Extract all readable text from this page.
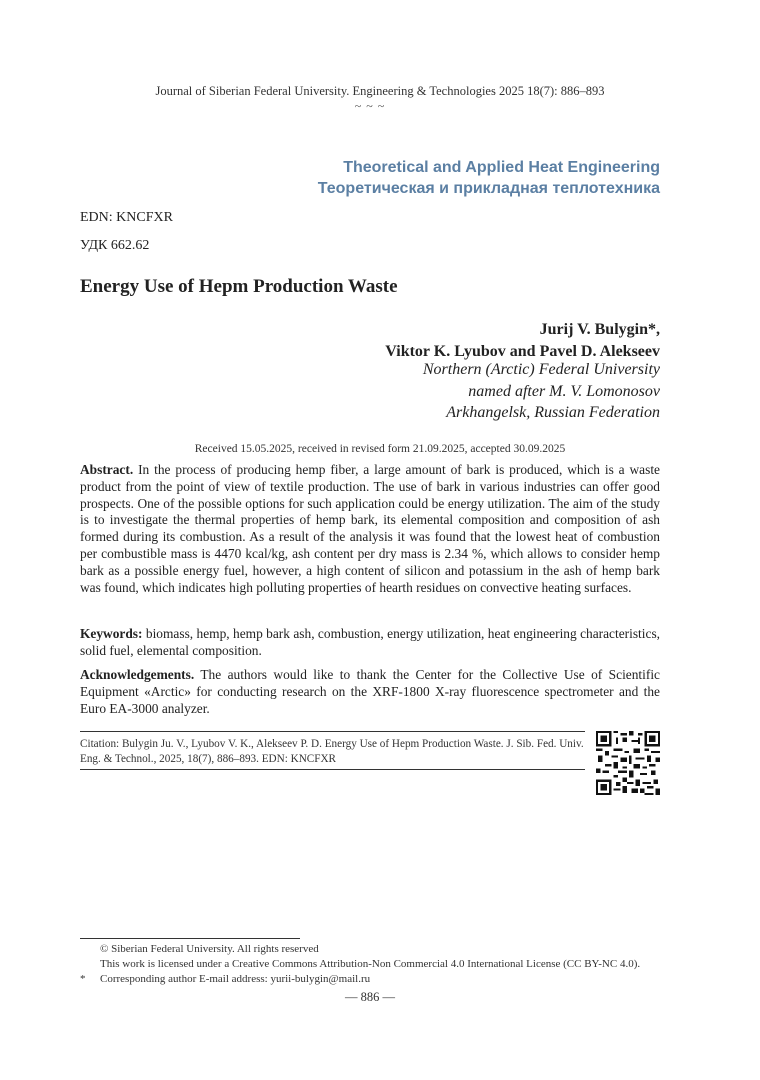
Journal of Siberian Federal University. Engineering & Technologies 2025 18(7): 886–893
~ ~ ~
Theoretical and Applied Heat Engineering
Теоретическая и прикладная теплотехника
EDN: KNCFXR
УДК 662.62
Energy Use of Hepm Production Waste
Jurij V. Bulygin*,
Viktor K. Lyubov and Pavel D. Alekseev
Northern (Arctic) Federal University
named after M. V. Lomonosov
Arkhangelsk, Russian Federation
Received 15.05.2025, received in revised form 21.09.2025, accepted 30.09.2025
Abstract. In the process of producing hemp fiber, a large amount of bark is produced, which is a waste product from the point of view of textile production. The use of bark in various industries can offer good prospects. One of the possible options for such application could be energy utilization. The aim of the study is to investigate the thermal properties of hemp bark, its elemental composition and composition of ash formed during its combustion. As a result of the analysis it was found that the lowest heat of combustion per combustible mass is 4470 kcal/kg, ash content per dry mass is 2.34 %, which allows to consider hemp bark as a possible energy fuel, however, a high content of silicon and potassium in the ash of hemp bark was found, which indicates high polluting properties of hearth residues on convective heating surfaces.
Keywords: biomass, hemp, hemp bark ash, combustion, energy utilization, heat engineering characteristics, solid fuel, elemental composition.
Acknowledgements. The authors would like to thank the Center for the Collective Use of Scientific Equipment «Arctic» for conducting research on the XRF-1800 X-ray fluorescence spectrometer and the Euro EA-3000 analyzer.
Citation: Bulygin Ju. V., Lyubov V. K., Alekseev P. D. Energy Use of Hepm Production Waste. J. Sib. Fed. Univ. Eng. & Technol., 2025, 18(7), 886–893. EDN: KNCFXR
© Siberian Federal University. All rights reserved
This work is licensed under a Creative Commons Attribution-Non Commercial 4.0 International License (CC BY-NC 4.0).
* Corresponding author E-mail address: yurii-bulygin@mail.ru
— 886 —
